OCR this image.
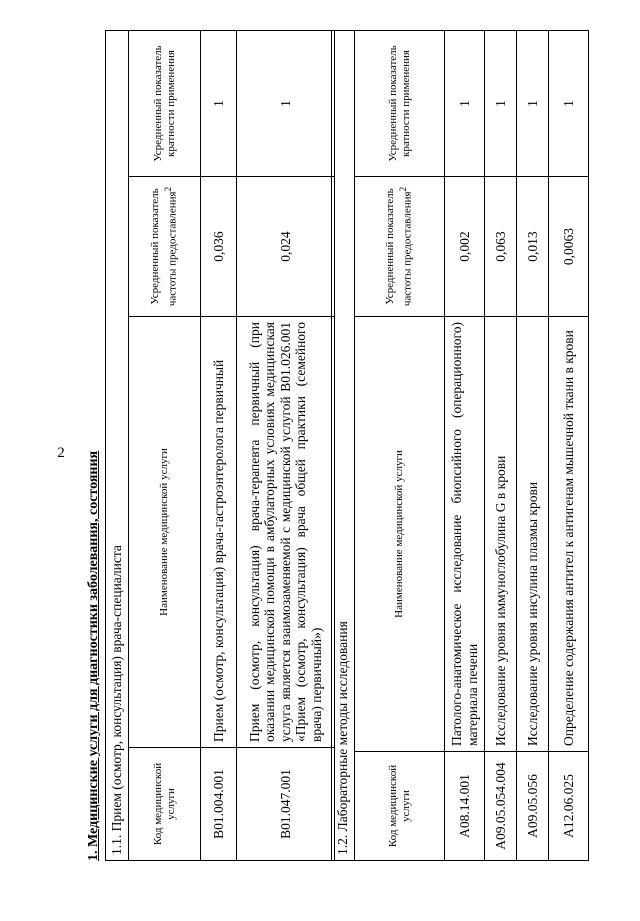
2	1. Медицинские услуги для диагностики заболевания, состояния 1.1. Прием (осмотр, консультация) врача-специалиста			
Код медицинской услуги	Наименование медицинской услуги	Усредненный показатель частоты предоставления$^2$	Усредненный показатель кратности применения
B01.004.001	Прием (осмотр, консультация) врача-гастроэнтеролога первичный	0,036	1
B01.047.001	Прием (осмотр, консультация) врача-терапевта первичный (при оказании медицинской помощи в амбулаторных условиях медицинская услуга является взаимозаменяемой с медицинской услугой B01.026.001 «Прием (осмотр, консультация) врача общей практики (семейного врача) первичный»)	0,024	1
1.2. Лабораторные методы исследования			
Код медицинской услуги	Наименование медицинской услуги	Усредненный показатель частоты предоставления$^2$	Усредненный показатель кратности применения
A08.14.001	Патолого-анатомическое исследование биопсийного (операционного) материала печени	0,002	1
A09.05.054.004	Исследование уровня иммуноглобулина G в крови	0,063	1
A09.05.056	Исследование уровня инсулина плазмы крови	0,013	1
A12.06.025	Определение содержания антител к антигенам мышечной ткани в крови	0,0063	1
